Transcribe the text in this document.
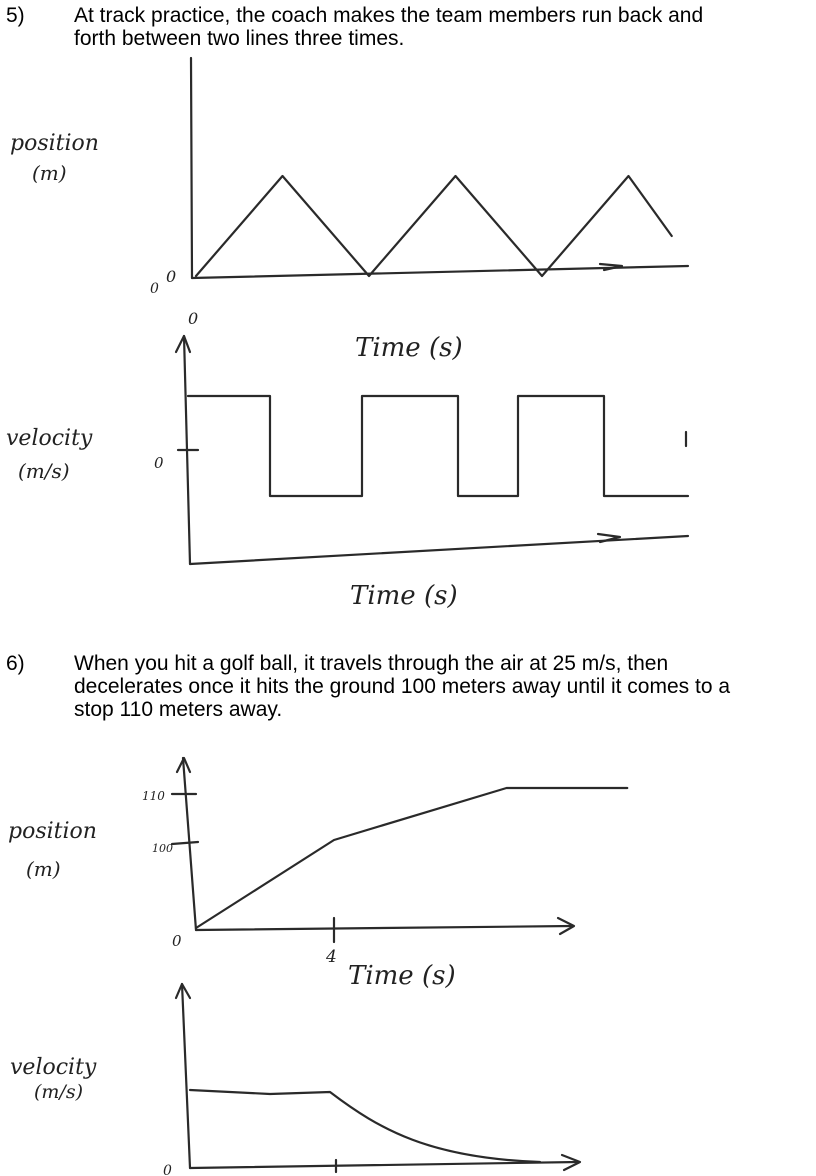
5) At track practice, the coach makes the team members run back and
forth between two lines three times.
6) When you hit a golf ball, it travels through the air at 25 m/s, then
decelerates once it hits the ground 100 meters away until it comes to a
stop 110 meters away.
position
(m)
0
0
0
Time (s)
velocity
(m/s)	0
Time (s)
position
(m)
110
100
0
4
Time (s)
velocity
(m/s)
0
